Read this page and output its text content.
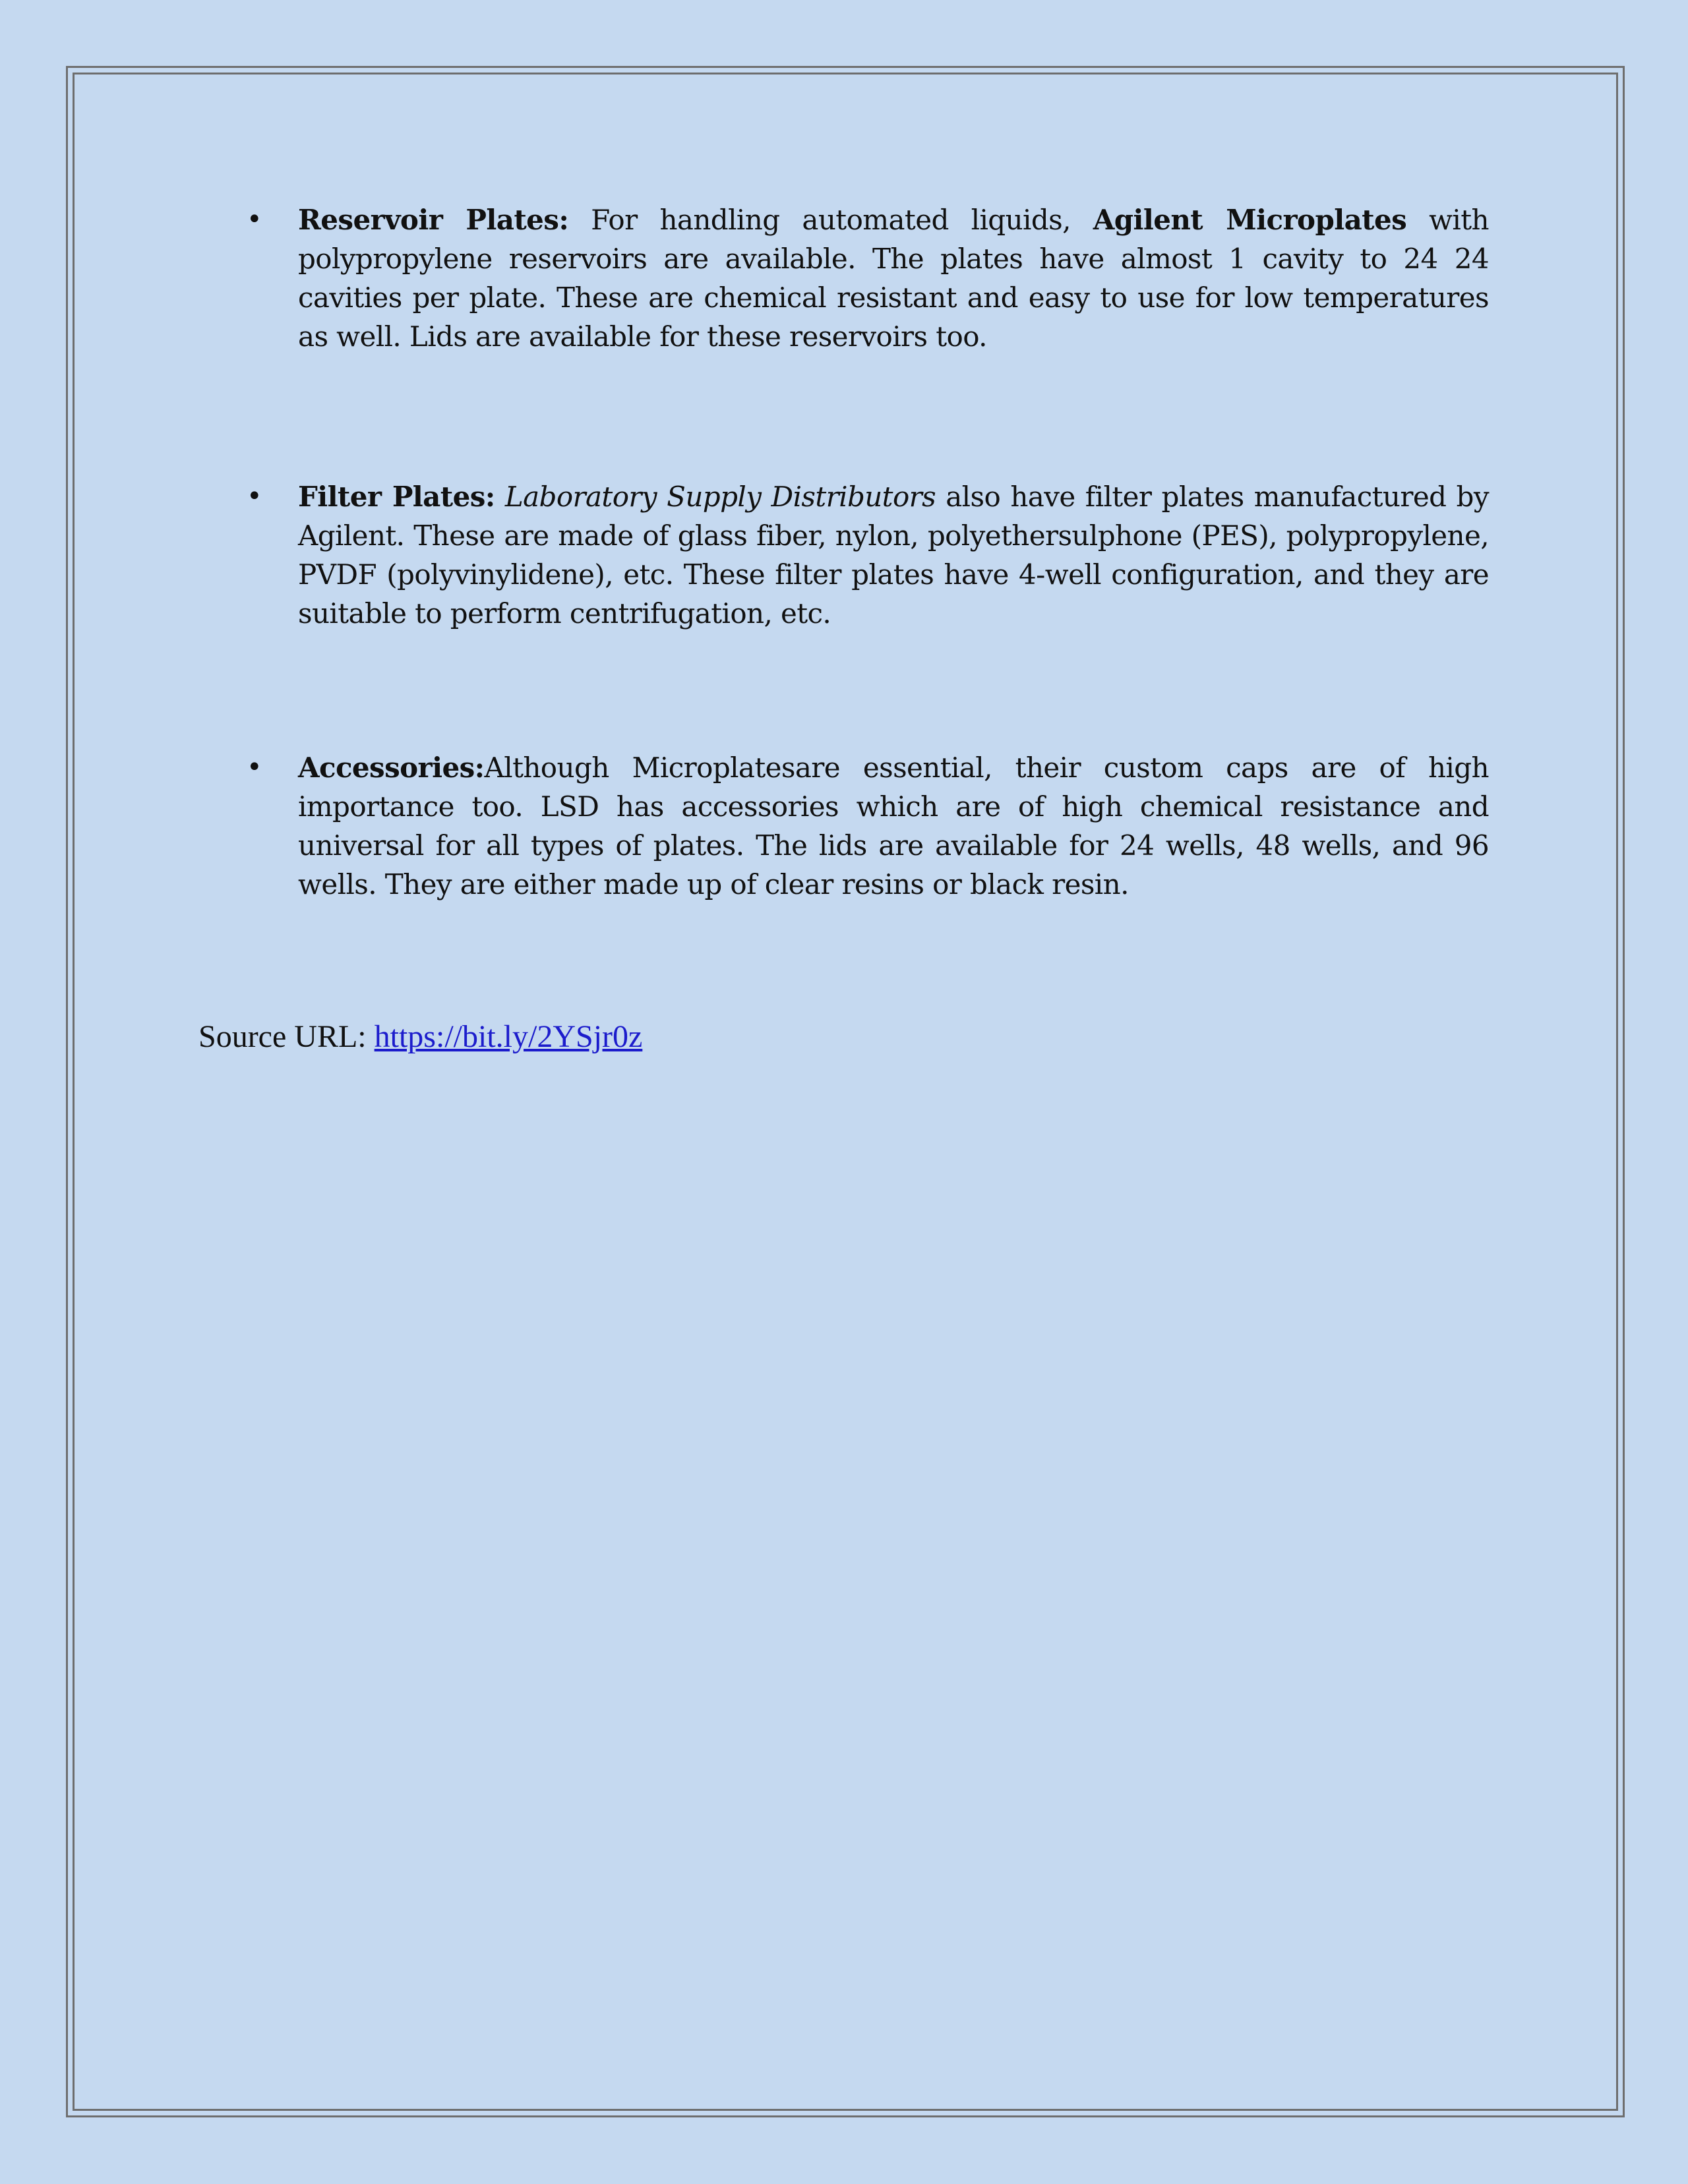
• Reservoir Plates: For handling automated liquids, Agilent Microplates with polypropylene reservoirs are available. The plates have almost 1 cavity to 24 24 cavities per plate. These are chemical resistant and easy to use for low temperatures as well. Lids are available for these reservoirs too.
• Filter Plates: Laboratory Supply Distributors also have filter plates manufactured by Agilent. These are made of glass fiber, nylon, polyethersulphone (PES), polypropylene, PVDF (polyvinylidene), etc. These filter plates have 4-well configuration, and they are suitable to perform centrifugation, etc.
• Accessories:Although Microplatesare essential, their custom caps are of high importance too. LSD has accessories which are of high chemical resistance and universal for all types of plates. The lids are available for 24 wells, 48 wells, and 96 wells. They are either made up of clear resins or black resin.
Source URL: https://bit.ly/2YSjr0z
